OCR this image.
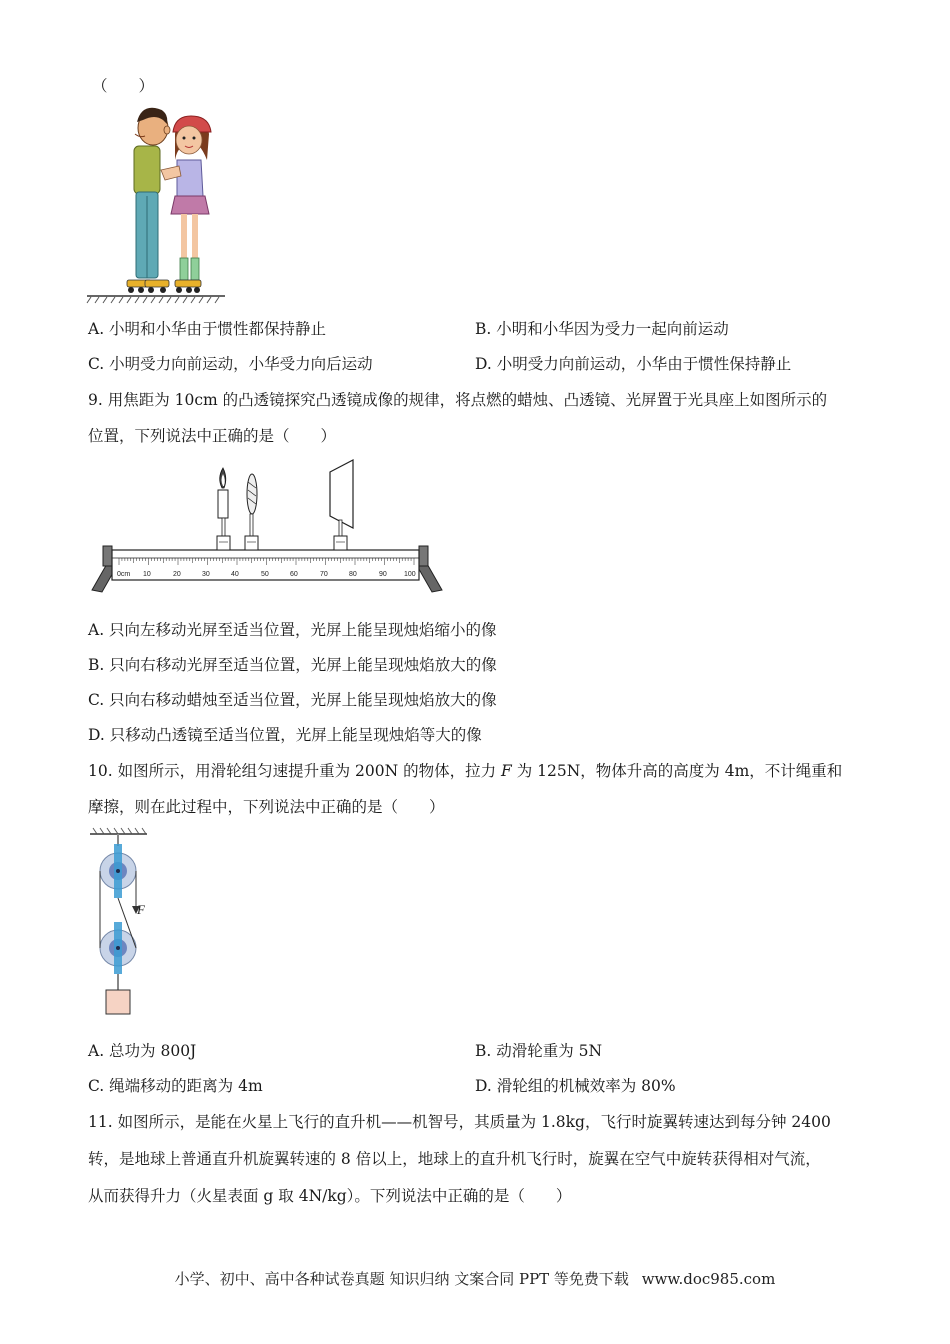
（　　）
A. 小明和小华由于惯性都保持静止	B. 小明和小华因为受力一起向前运动
C. 小明受力向前运动，小华受力向后运动	D. 小明受力向前运动，小华由于惯性保持静止
9. 用焦距为 10cm 的凸透镜探究凸透镜成像的规律，将点燃的蜡烛、凸透镜、光屏置于光具座上如图所示的
位置，下列说法中正确的是（　　）
0cm 10	20	30	40	50	60	70	80	90 100
A. 只向左移动光屏至适当位置，光屏上能呈现烛焰缩小的像
B. 只向右移动光屏至适当位置，光屏上能呈现烛焰放大的像
C. 只向右移动蜡烛至适当位置，光屏上能呈现烛焰放大的像
D. 只移动凸透镜至适当位置，光屏上能呈现烛焰等大的像
10. 如图所示，用滑轮组匀速提升重为 200N 的物体，拉力 F 为 125N，物体升高的高度为 4m，不计绳重和
摩擦，则在此过程中，下列说法中正确的是（　　）
F
A. 总功为 800J	B. 动滑轮重为 5N
C. 绳端移动的距离为 4m	D. 滑轮组的机械效率为 80%
11. 如图所示，是能在火星上飞行的直升机——机智号，其质量为 1.8kg，飞行时旋翼转速达到每分钟 2400
转，是地球上普通直升机旋翼转速的 8 倍以上，地球上的直升机飞行时，旋翼在空气中旋转获得相对气流，
从而获得升力（火星表面 g 取 4N/kg）。下列说法中正确的是（　　）
小学、初中、高中各种试卷真题 知识归纳 文案合同 PPT 等免费下载 www.doc985.com
